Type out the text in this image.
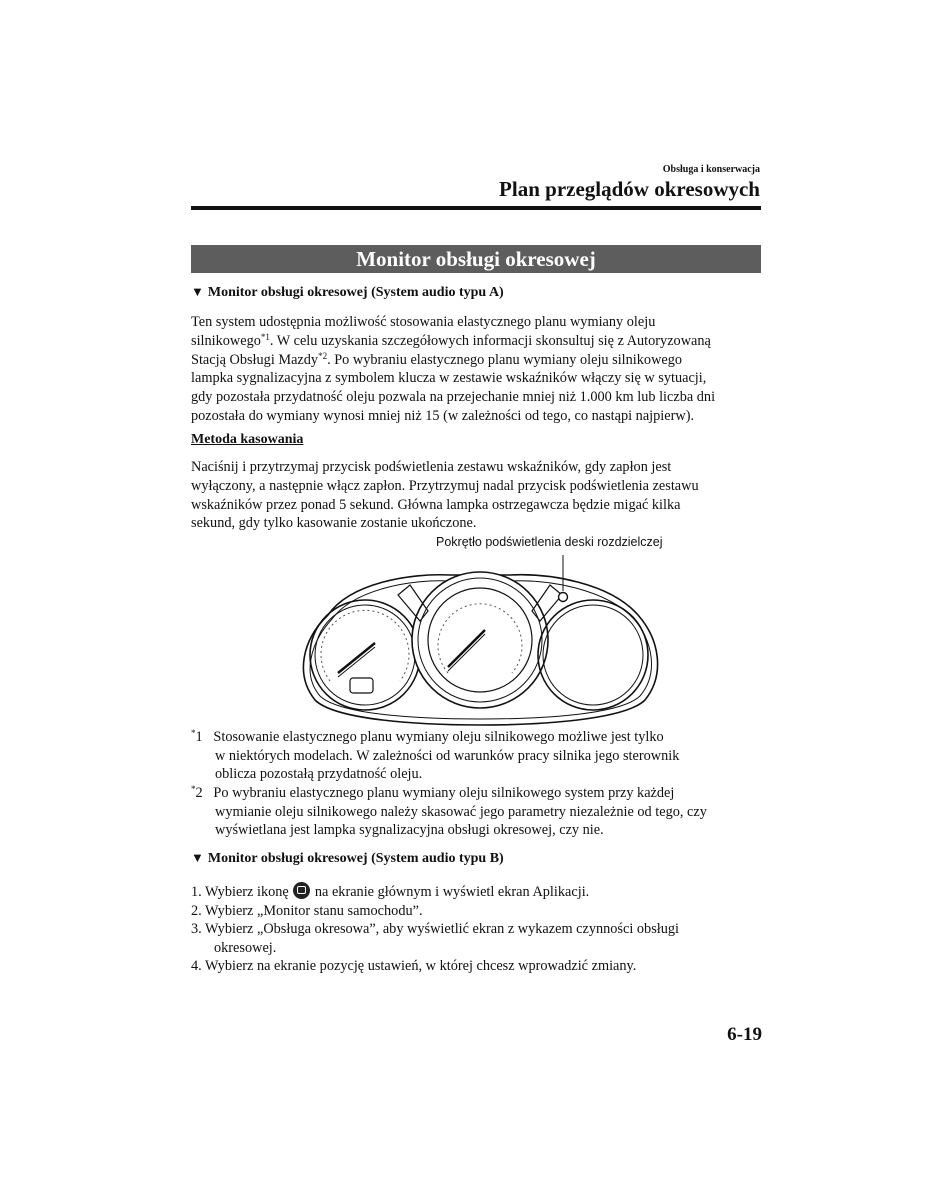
Obsługa i konserwacja
Plan przeglądów okresowych
Monitor obsługi okresowej
▼ Monitor obsługi okresowej (System audio typu A)
Ten system udostępnia możliwość stosowania elastycznego planu wymiany oleju
silnikowego$^{*1}$. W celu uzyskania szczegółowych informacji skonsultuj się z Autoryzowaną
Stacją Obsługi Mazdy$^{*2}$. Po wybraniu elastycznego planu wymiany oleju silnikowego
lampka sygnalizacyjna z symbolem klucza w zestawie wskaźników włączy się w sytuacji,
gdy pozostała przydatność oleju pozwala na przejechanie mniej niż 1.000 km lub liczba dni
pozostała do wymiany wynosi mniej niż 15 (w zależności od tego, co nastąpi najpierw).
Metoda kasowania
Naciśnij i przytrzymaj przycisk podświetlenia zestawu wskaźników, gdy zapłon jest
wyłączony, a następnie włącz zapłon. Przytrzymuj nadal przycisk podświetlenia zestawu
wskaźników przez ponad 5 sekund. Główna lampka ostrzegawcza będzie migać kilka
sekund, gdy tylko kasowanie zostanie ukończone.
Pokrętło podświetlenia deski rozdzielczej
*1 Stosowanie elastycznego planu wymiany oleju silnikowego możliwe jest tylko
w niektórych modelach. W zależności od warunków pracy silnika jego sterownik
oblicza pozostałą przydatność oleju.
*2 Po wybraniu elastycznego planu wymiany oleju silnikowego system przy każdej
wymianie oleju silnikowego należy skasować jego parametry niezależnie od tego, czy
wyświetlana jest lampka sygnalizacyjna obsługi okresowej, czy nie.
▼ Monitor obsługi okresowej (System audio typu B)
1. Wybierz ikonę na ekranie głównym i wyświetl ekran Aplikacji.
2. Wybierz „Monitor stanu samochodu”.
3. Wybierz „Obsługa okresowa”, aby wyświetlić ekran z wykazem czynności obsługi
okresowej.
4. Wybierz na ekranie pozycję ustawień, w której chcesz wprowadzić zmiany.
6-19
